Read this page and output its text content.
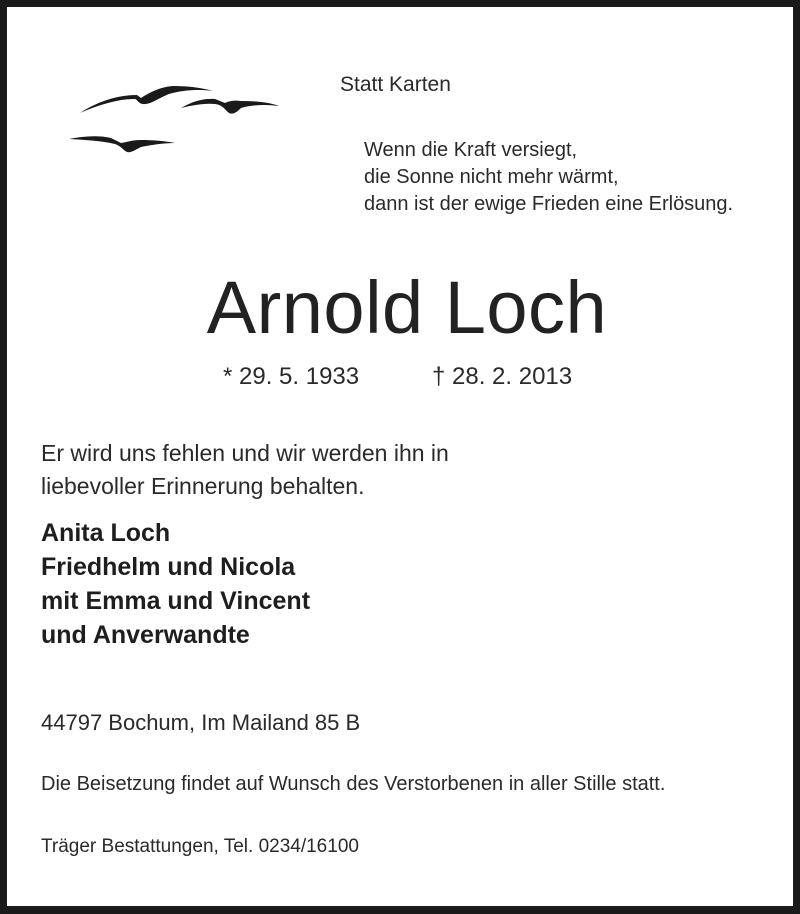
Statt Karten
Wenn die Kraft versiegt,
die Sonne nicht mehr wärmt,
dann ist der ewige Frieden eine Erlösung.
Arnold Loch
* 29. 5. 1933	† 28. 2. 2013
Er wird uns fehlen und wir werden ihn in
liebevoller Erinnerung behalten.
Anita Loch
Friedhelm und Nicola
mit Emma und Vincent
und Anverwandte
44797 Bochum, Im Mailand 85 B
Die Beisetzung findet auf Wunsch des Verstorbenen in aller Stille statt.
Träger Bestattungen, Tel. 0234/16100
